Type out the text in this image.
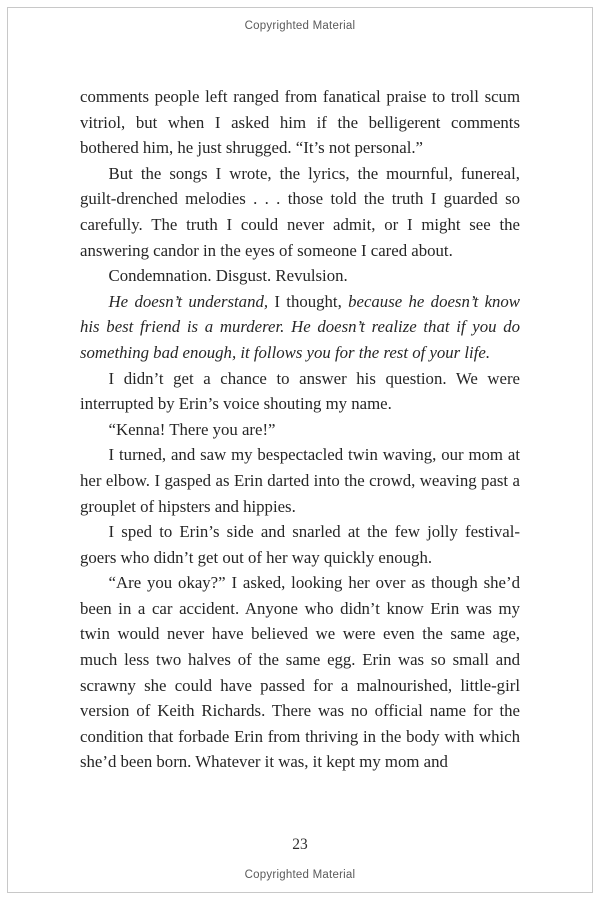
Copyrighted Material

comments people left ranged from fanatical praise to troll scum vitriol, but when I asked him if the belligerent comments bothered him, he just shrugged. “It’s not personal.”

But the songs I wrote, the lyrics, the mournful, funereal, guilt-drenched melodies . . . those told the truth I guarded so carefully. The truth I could never admit, or I might see the answering candor in the eyes of someone I cared about.

Condemnation. Disgust. Revulsion.

He doesn’t understand, I thought, because he doesn’t know his best friend is a murderer. He doesn’t realize that if you do something bad enough, it follows you for the rest of your life.

I didn’t get a chance to answer his question. We were interrupted by Erin’s voice shouting my name.

“Kenna! There you are!”

I turned, and saw my bespectacled twin waving, our mom at her elbow. I gasped as Erin darted into the crowd, weaving past a grouplet of hipsters and hippies.

I sped to Erin’s side and snarled at the few jolly festival-goers who didn’t get out of her way quickly enough.

“Are you okay?” I asked, looking her over as though she’d been in a car accident. Anyone who didn’t know Erin was my twin would never have believed we were even the same age, much less two halves of the same egg. Erin was so small and scrawny she could have passed for a malnourished, little-girl version of Keith Richards. There was no official name for the condition that forbade Erin from thriving in the body with which she’d been born. Whatever it was, it kept my mom and

23
Copyrighted Material
